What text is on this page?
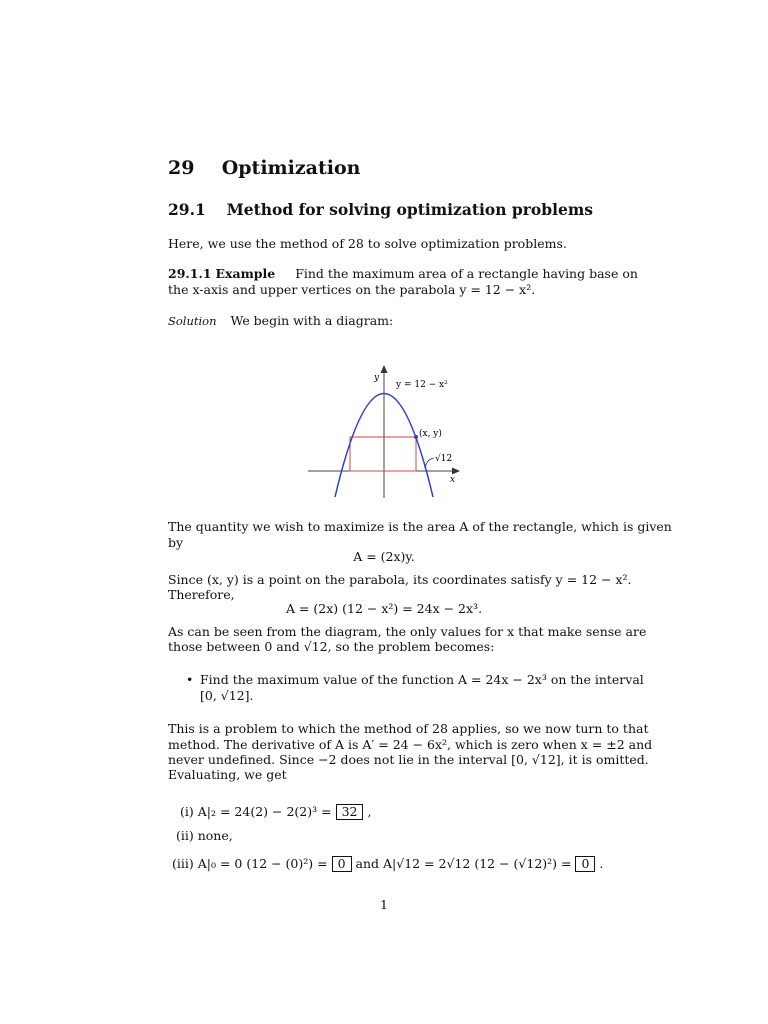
29 Optimization
29.1 Method for solving optimization problems
Here, we use the method of 28 to solve optimization problems.
29.1.1 Example Find the maximum area of a rectangle having base on
the x-axis and upper vertices on the parabola y = 12 − x².
Solution We begin with a diagram:
y
y = 12 − x²
(x, y)
√12
x
The quantity we wish to maximize is the area A of the rectangle, which is given
by
A = (2x)y.
Since (x, y) is a point on the parabola, its coordinates satisfy y = 12 − x².
Therefore,
A = (2x) (12 − x²) = 24x − 2x³.
As can be seen from the diagram, the only values for x that make sense are
those between 0 and √12, so the problem becomes:
• Find the maximum value of the function A = 24x − 2x³ on the interval
[0, √12].
This is a problem to which the method of 28 applies, so we now turn to that
method. The derivative of A is A′ = 24 − 6x², which is zero when x = ±2 and
never undefined. Since −2 does not lie in the interval [0, √12], it is omitted.
Evaluating, we get
(i) A|₂ = 24(2) − 2(2)³ = 32 ,
(ii) none,
(iii) A|₀ = 0 (12 − (0)²) = 0 and A|√12 = 2√12 (12 − (√12)²) = 0 .
1
